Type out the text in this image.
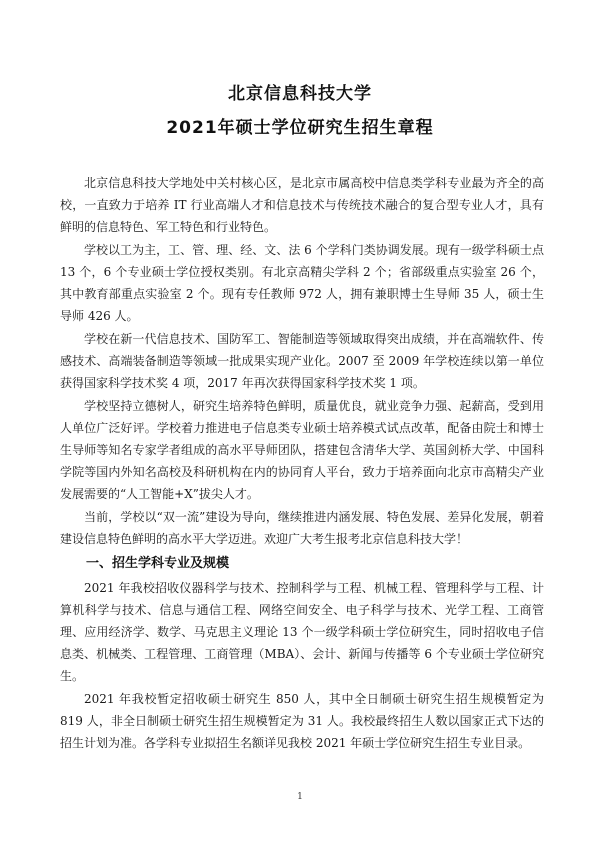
北京信息科技大学
2021年硕士学位研究生招生章程

北京信息科技大学地处中关村核心区，是北京市属高校中信息类学科专业最为齐全的高校，一直致力于培养 IT 行业高端人才和信息技术与传统技术融合的复合型专业人才，具有鲜明的信息特色、军工特色和行业特色。

学校以工为主，工、管、理、经、文、法 6 个学科门类协调发展。现有一级学科硕士点 13 个，6 个专业硕士学位授权类别。有北京高精尖学科 2 个；省部级重点实验室 26 个，其中教育部重点实验室 2 个。现有专任教师 972 人，拥有兼职博士生导师 35 人，硕士生导师 426 人。

学校在新一代信息技术、国防军工、智能制造等领域取得突出成绩，并在高端软件、传感技术、高端装备制造等领域一批成果实现产业化。2007 至 2009 年学校连续以第一单位获得国家科学技术奖 4 项，2017 年再次获得国家科学技术奖 1 项。

学校坚持立德树人，研究生培养特色鲜明，质量优良，就业竞争力强、起薪高，受到用人单位广泛好评。学校着力推进电子信息类专业硕士培养模式试点改革，配备由院士和博士生导师等知名专家学者组成的高水平导师团队，搭建包含清华大学、英国剑桥大学、中国科学院等国内外知名高校及科研机构在内的协同育人平台，致力于培养面向北京市高精尖产业发展需要的“人工智能+X”拔尖人才。

当前，学校以“双一流”建设为导向，继续推进内涵发展、特色发展、差异化发展，朝着建设信息特色鲜明的高水平大学迈进。欢迎广大考生报考北京信息科技大学！

一、招生学科专业及规模

2021 年我校招收仪器科学与技术、控制科学与工程、机械工程、管理科学与工程、计算机科学与技术、信息与通信工程、网络空间安全、电子科学与技术、光学工程、工商管理、应用经济学、数学、马克思主义理论 13 个一级学科硕士学位研究生，同时招收电子信息类、机械类、工程管理、工商管理（MBA）、会计、新闻与传播等 6 个专业硕士学位研究生。

2021 年我校暂定招收硕士研究生 850 人，其中全日制硕士研究生招生规模暂定为 819 人，非全日制硕士研究生招生规模暂定为 31 人。我校最终招生人数以国家正式下达的招生计划为准。各学科专业拟招生名额详见我校 2021 年硕士学位研究生招生专业目录。

1
